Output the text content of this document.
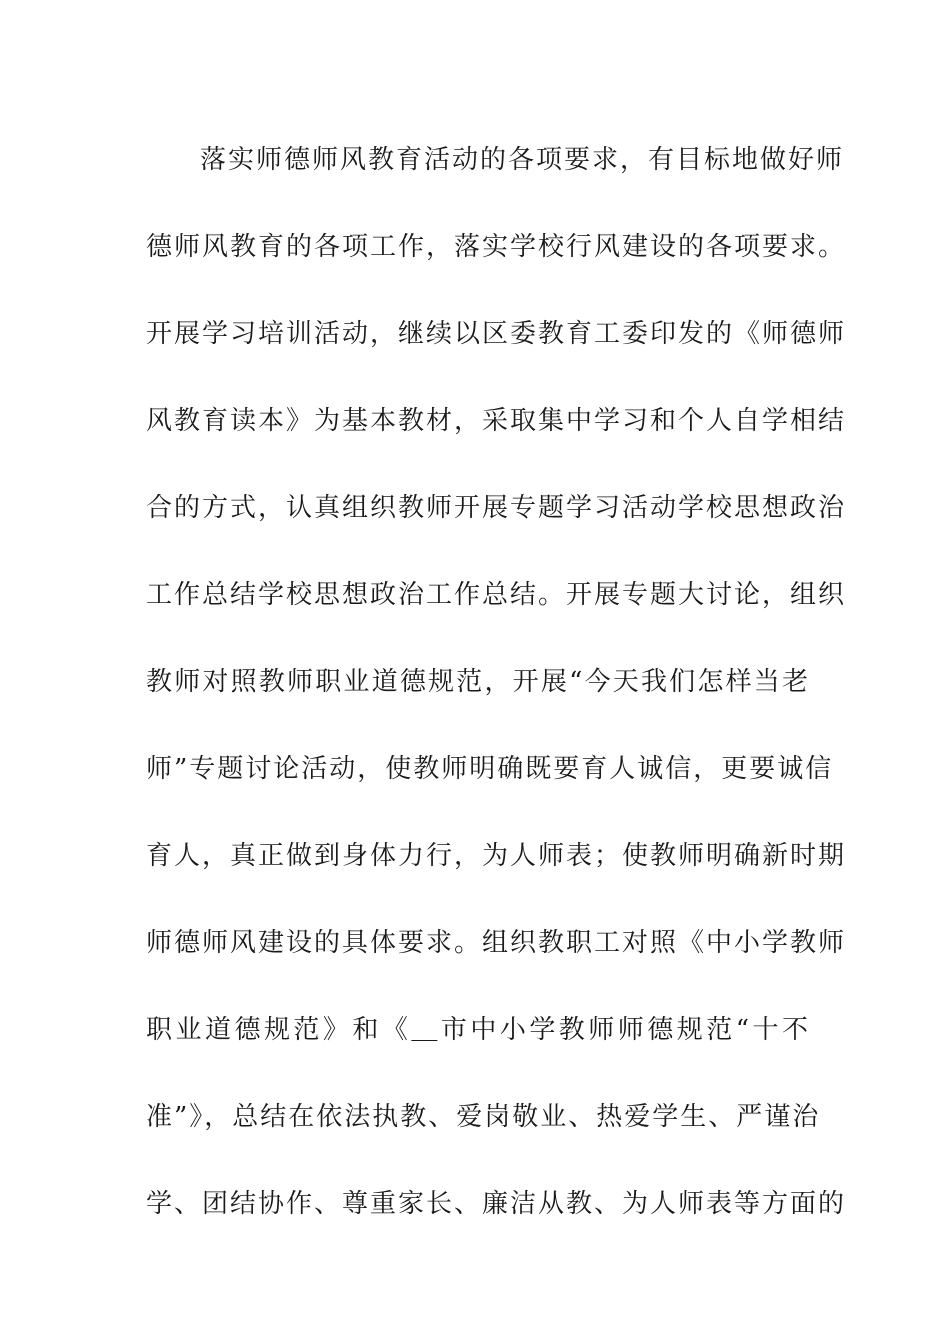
落实师德师风教育活动的各项要求，有目标地做好师
德师风教育的各项工作，落实学校行风建设的各项要求。
开展学习培训活动，继续以区委教育工委印发的《师德师
风教育读本》为基本教材，采取集中学习和个人自学相结
合的方式，认真组织教师开展专题学习活动学校思想政治
工作总结学校思想政治工作总结。开展专题大讨论，组织
教师对照教师职业道德规范，开展“今天我们怎样当老
师”专题讨论活动，使教师明确既要育人诚信，更要诚信
育人，真正做到身体力行，为人师表；使教师明确新时期
师德师风建设的具体要求。组织教职工对照《中小学教师
职业道德规范》和《＿市中小学教师师德规范“十不
准”》，总结在依法执教、爱岗敬业、热爱学生、严谨治
学、团结协作、尊重家长、廉洁从教、为人师表等方面的
